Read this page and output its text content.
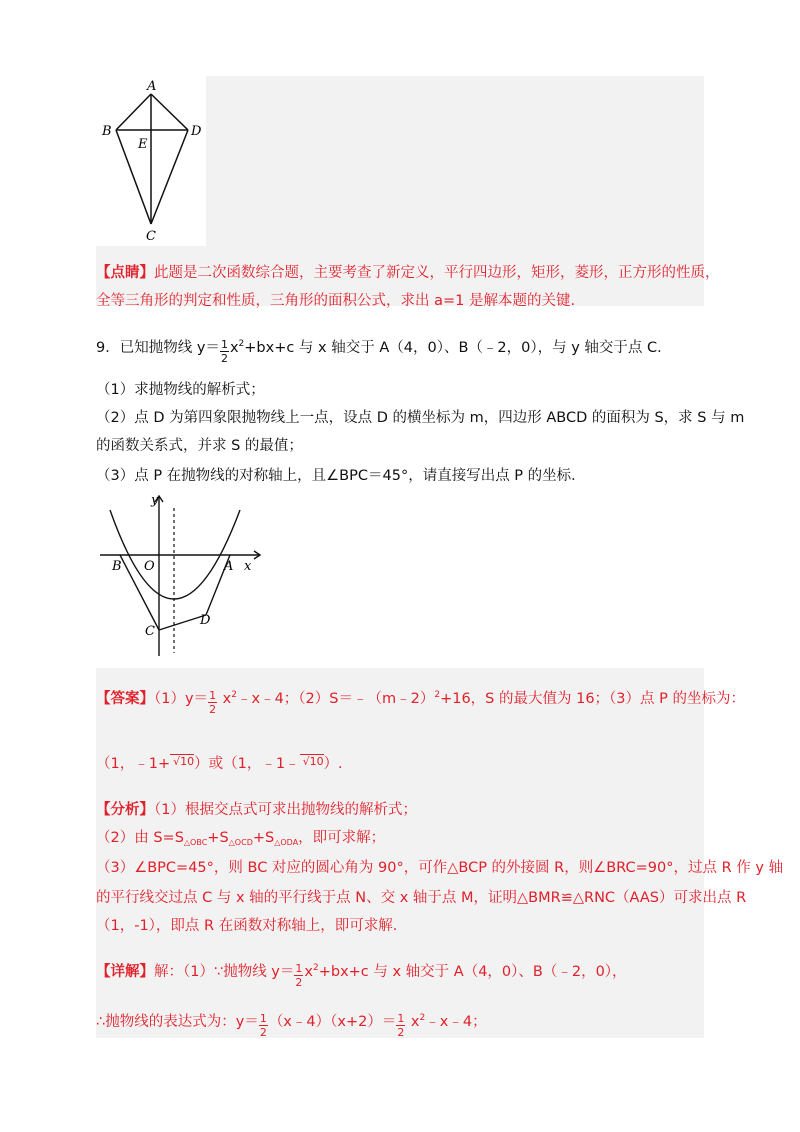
A
B	D
E
C
【点睛】此题是二次函数综合题，主要考查了新定义，平行四边形，矩形，菱形，正方形的性质，
全等三角形的判定和性质，三角形的面积公式，求出 a=1 是解本题的关键.
9．已知抛物线 y＝
$\frac{1}{2}$
$x^2+bx+c$ 与 x 轴交于 A（4，0）、B（﹣2，0），与 y 轴交于点 C．
（1）求抛物线的解析式；
（2）点 D 为第四象限抛物线上一点，设点 D 的横坐标为 m，四边形 ABCD 的面积为 S，求 S 与 m
的函数关系式，并求 S 的最值；
（3）点 P 在抛物线的对称轴上，且∠BPC＝45°，请直接写出点 P 的坐标．
y
B O	A x
C
D
【答案】（1）y＝
$\frac{1}{2}$
$x^2﹣x﹣4$；（2）S＝﹣（m﹣2）$^2$+16，S 的最大值为 16；（3）点 P 的坐标为：
（1，﹣1+ √10 ）或（1，﹣1﹣ √10 ）.
【分析】（1）根据交点式可求出抛物线的解析式；
（2）由 $S=S_{\triangle OBC}+S_{\triangle OCD}+S_{\triangle ODA}$，即可求解；
（3）∠BPC=45°，则 BC 对应的圆心角为 90°，可作△BCP 的外接圆 R，则∠BRC=90°，过点 R 作 y 轴
的平行线交过点 C 与 x 轴的平行线于点 N、交 x 轴于点 M，证明△BMR≌△RNC（AAS）可求出点 R
（1，-1），即点 R 在函数对称轴上，即可求解.
【详解】解：（1）∵抛物线 y＝
$\frac{1}{2}$
$x^2+bx+c$ 与 x 轴交于 A（4，0）、B（﹣2，0），
∴抛物线的表达式为：y＝
$\frac{1}{2}$
（x﹣4）（x+2）＝
$\frac{1}{2}$
$x^2﹣x﹣4$；
